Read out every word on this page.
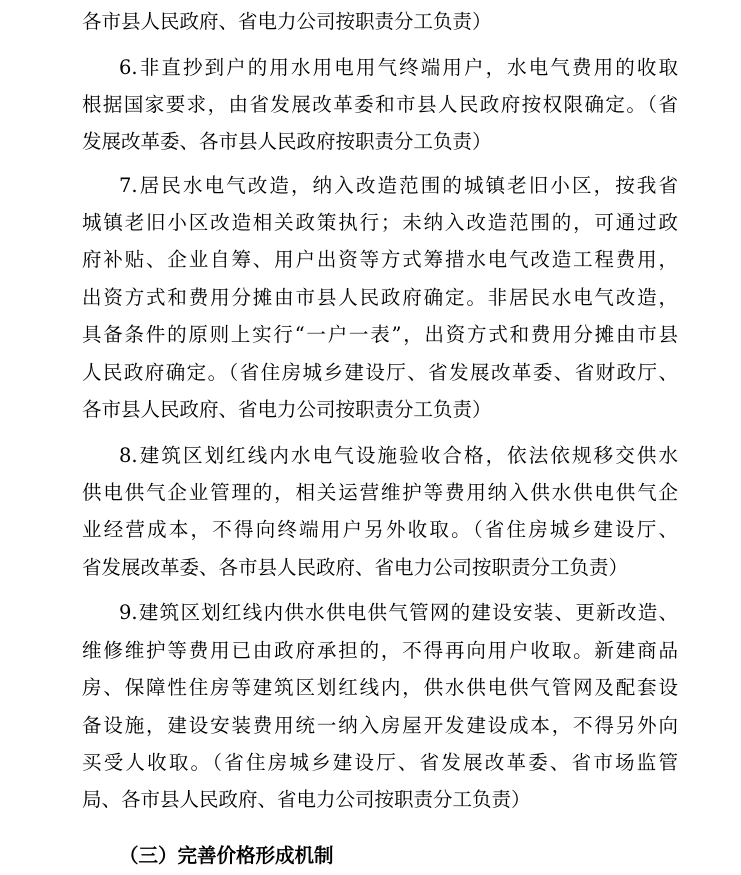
各市县人民政府、省电力公司按职责分工负责）
6.非直抄到户的用水用电用气终端用户，水电气费用的收取
根据国家要求，由省发展改革委和市县人民政府按权限确定。（省
发展改革委、各市县人民政府按职责分工负责）
7.居民水电气改造，纳入改造范围的城镇老旧小区，按我省
城镇老旧小区改造相关政策执行；未纳入改造范围的，可通过政
府补贴、企业自筹、用户出资等方式筹措水电气改造工程费用，
出资方式和费用分摊由市县人民政府确定。非居民水电气改造，
具备条件的原则上实行“一户一表”，出资方式和费用分摊由市县
人民政府确定。（省住房城乡建设厅、省发展改革委、省财政厅、
各市县人民政府、省电力公司按职责分工负责）
8.建筑区划红线内水电气设施验收合格，依法依规移交供水
供电供气企业管理的，相关运营维护等费用纳入供水供电供气企
业经营成本，不得向终端用户另外收取。（省住房城乡建设厅、
省发展改革委、各市县人民政府、省电力公司按职责分工负责）
9.建筑区划红线内供水供电供气管网的建设安装、更新改造、
维修维护等费用已由政府承担的，不得再向用户收取。新建商品
房、保障性住房等建筑区划红线内，供水供电供气管网及配套设
备设施，建设安装费用统一纳入房屋开发建设成本，不得另外向
买受人收取。（省住房城乡建设厅、省发展改革委、省市场监管
局、各市县人民政府、省电力公司按职责分工负责）
（三）完善价格形成机制
